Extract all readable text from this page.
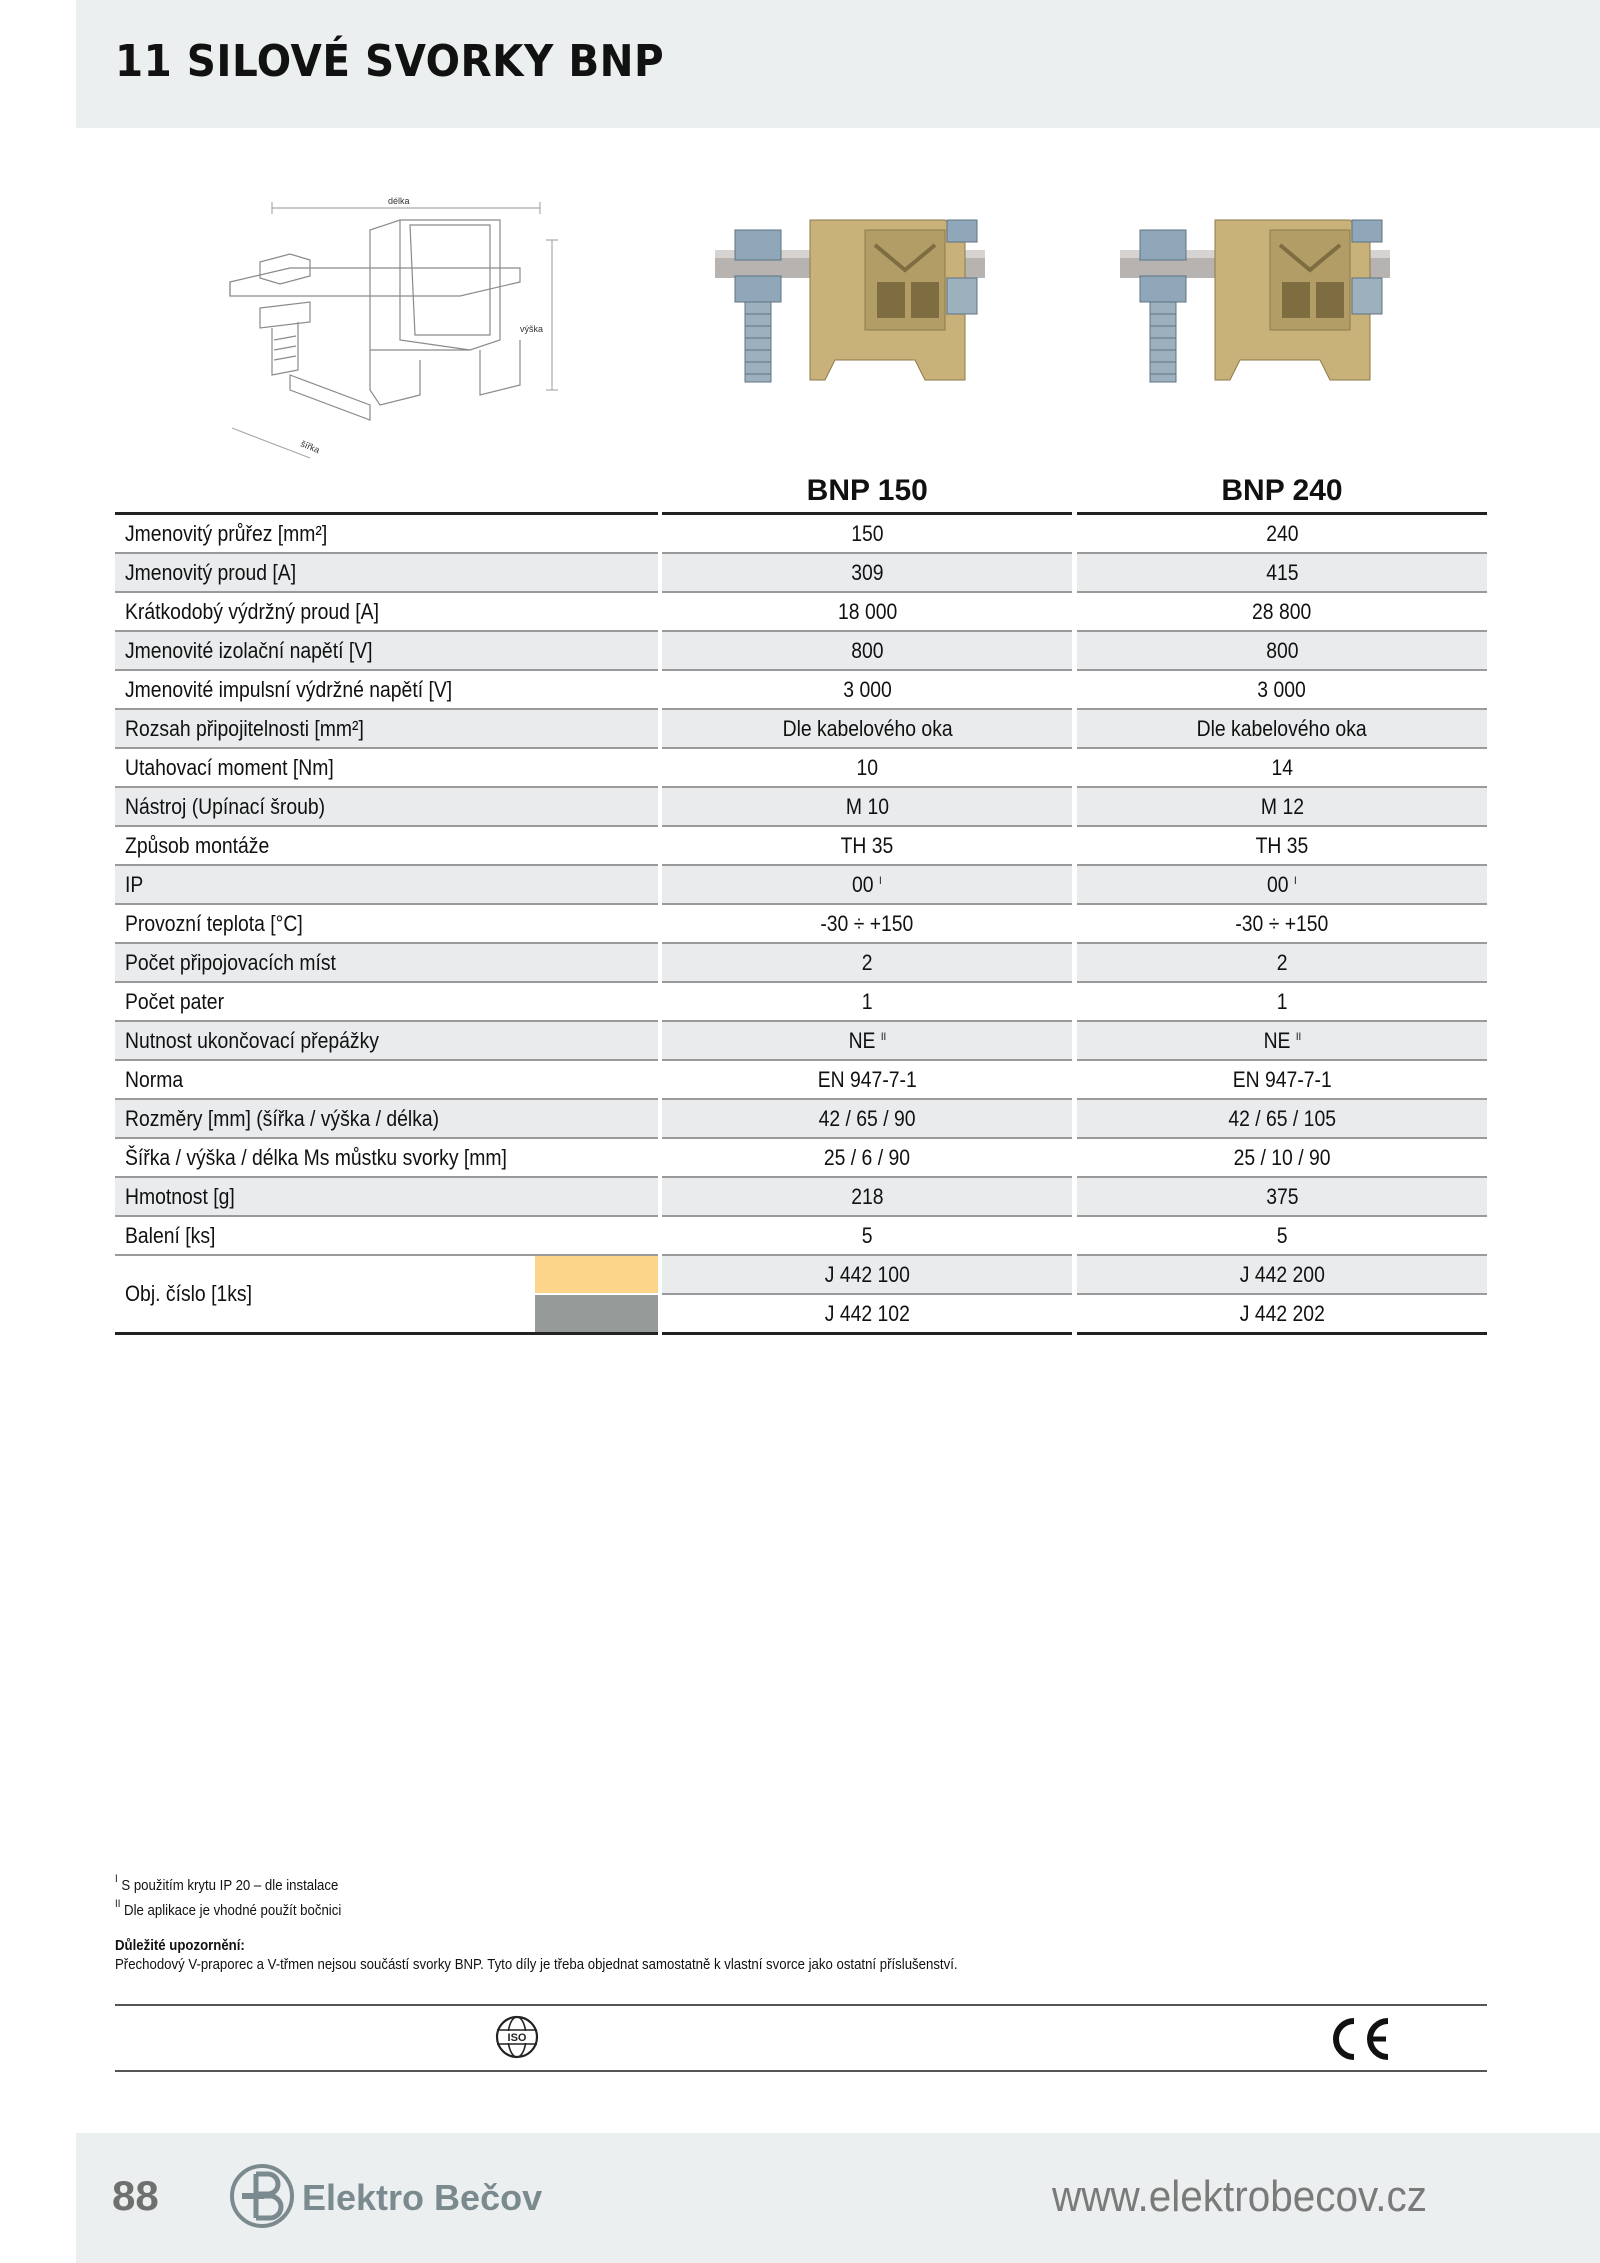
11 SILOVÉ SVORKY BNP
délka
výška
šířka
			BNP 150		BNP 240
Jmenovitý průřez [mm²]			150		240
Jmenovitý proud [A]			309		415
Krátkodobý výdržný proud [A]			18 000		28 800
Jmenovité izolační napětí [V]			800		800
Jmenovité impulsní výdržné napětí [V]			3 000		3 000
Rozsah připojitelnosti [mm²]			Dle kabelového oka		Dle kabelového oka
Utahovací moment [Nm]			10		14
Nástroj (Upínací šroub)			M 10		M 12
Způsob montáže			TH 35		TH 35
IP			00 $^I$		00 $^I$
Provozní teplota [°C]			-30 ÷ +150		-30 ÷ +150
Počet připojovacích míst			2		2
Počet pater			1		1
Nutnost ukončovací přepážky			NE $^{II}$		NE $^{II}$
Norma			EN 947-7-1		EN 947-7-1
Rozměry [mm] (šířka / výška / délka)			42 / 65 / 90		42 / 65 / 105
Šířka / výška / délka Ms můstku svorky [mm]			25 / 6 / 90		25 / 10 / 90
Hmotnost [g]			218		375
Balení [ks]			5		5
Obj. číslo [1ks]			J 442 100		J 442 200
			J 442 102		J 442 202
$^I$ S použitím krytu IP 20 – dle instalace
$^{II}$ Dle aplikace je vhodné použít bočnici
Důležité upozornění:
Přechodový V-praporec a V-třmen nejsou součástí svorky BNP. Tyto díly je třeba objednat samostatně k vlastní svorce jako ostatní příslušenství.
ISO
CE
88	Elektro Bečov	www.elektrobecov.cz
